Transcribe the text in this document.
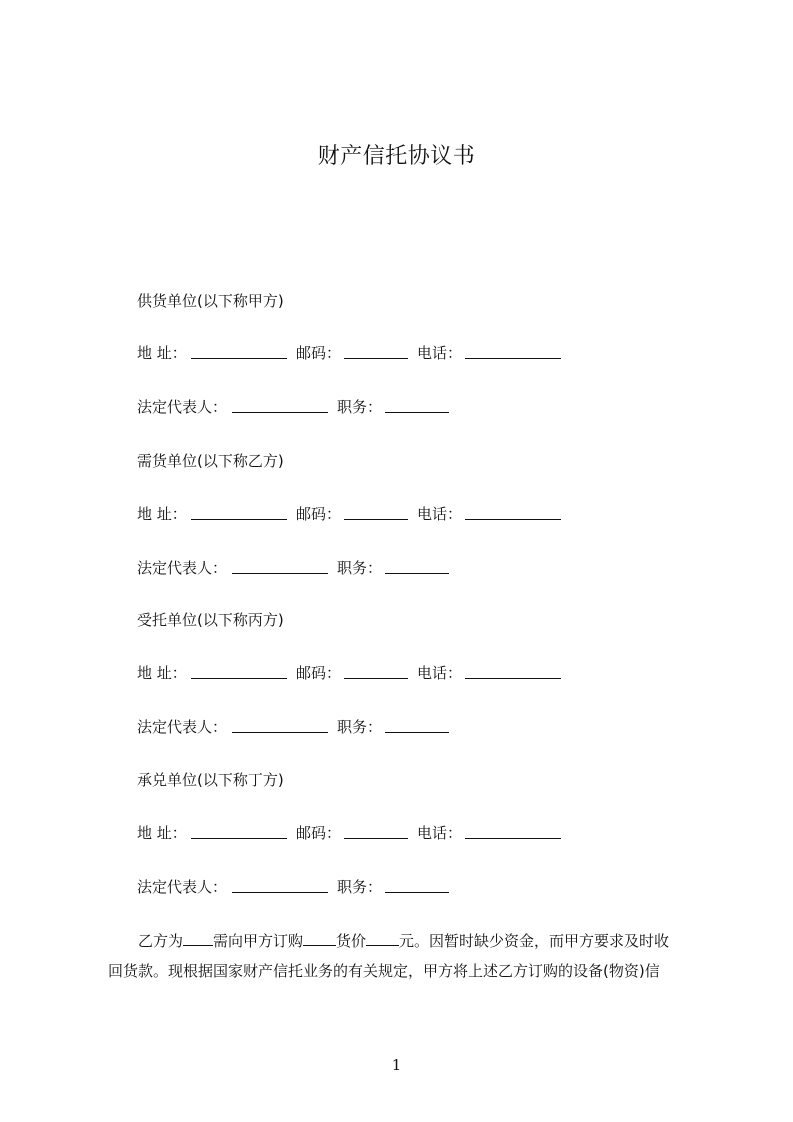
财产信托协议书
供货单位(以下称甲方)
地 址：	邮码：	电话：
法定代表人：	职务：
需货单位(以下称乙方)
地 址：	邮码：	电话：
法定代表人：	职务：
受托单位(以下称丙方)
地 址：	邮码：	电话：
法定代表人：	职务：
承兑单位(以下称丁方)
地 址：	邮码：	电话：
法定代表人：	职务：
乙方为 需向甲方订购 货价 元。因暂时缺少资金，而甲方要求及时收
回货款。现根据国家财产信托业务的有关规定，甲方将上述乙方订购的设备(物资)信
1
